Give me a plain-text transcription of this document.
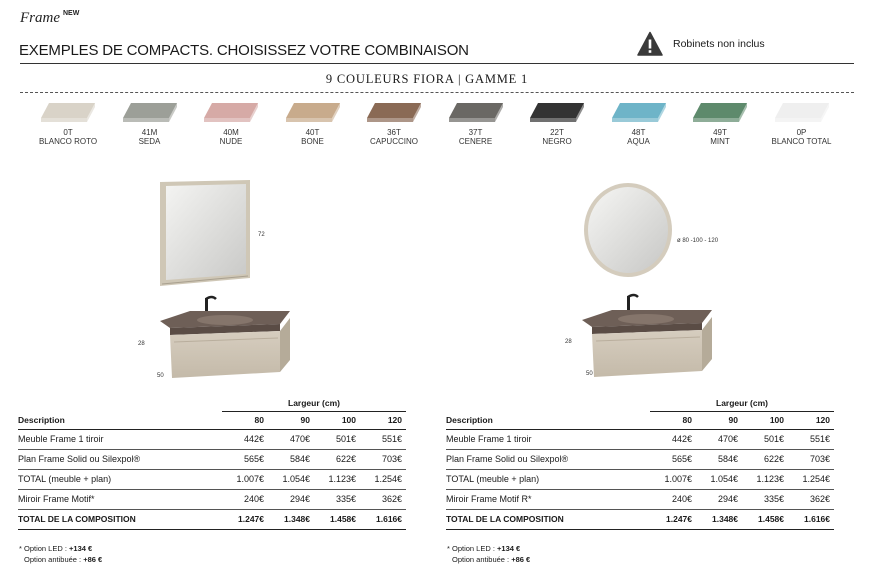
Frame $^{NEW}$
EXEMPLES DE COMPACTS. CHOISISSEZ VOTRE COMBINAISON	Robinets non inclus
9 COULEURS FIORA | GAMME 1
0T
BLANCO ROTO
41M
SEDA
40M
NUDE
40T
BONE
36T
CAPUCCINO
37T
CENERE
22T
NEGRO
48T
AQUA
49T
MINT
0P
BLANCO TOTAL
72
28
50
ø 80 -100 - 120
28
50
	Largeur (cm)			
Description	80	90	100	120
Meuble Frame 1 tiroir	442€	470€	501€	551€
Plan Frame Solid ou Silexpol®	565€	584€	622€	703€
TOTAL (meuble + plan)	1.007€	1.054€	1.123€	1.254€
Miroir Frame Motif*	240€	294€	335€	362€
TOTAL DE LA COMPOSITION	1.247€	1.348€	1.458€	1.616€
	Largeur (cm)			
Description	80	90	100	120
Meuble Frame 1 tiroir	442€	470€	501€	551€
Plan Frame Solid ou Silexpol®	565€	584€	622€	703€
TOTAL (meuble + plan)	1.007€	1.054€	1.123€	1.254€
Miroir Frame Motif R*	240€	294€	335€	362€
TOTAL DE LA COMPOSITION	1.247€	1.348€	1.458€	1.616€
* Option LED : +134 €
Option antibuée : +86 €
* Option LED : +134 €
Option antibuée : +86 €
